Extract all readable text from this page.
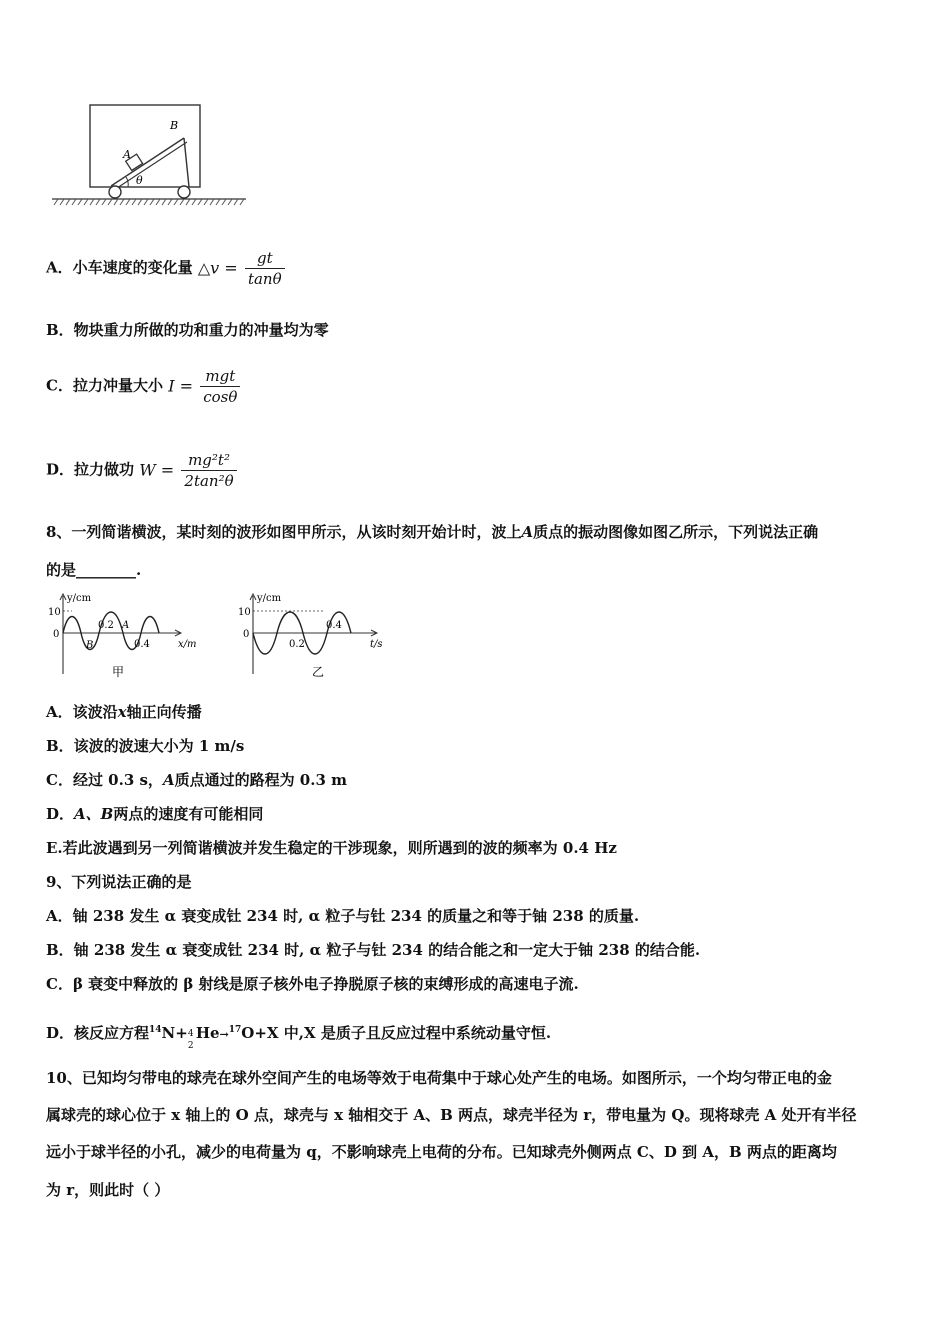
A
B
θ
A．小车速度的变化量 △v = $\frac{gt}{\tan\theta}$
B．物块重力所做的功和重力的冲量均为零
C．拉力冲量大小 $I = \frac{\text{mgt}}{\cos\theta}$
D．拉力做功 $W = \frac{\text{mg²t²}}{\text{2tan²θ}}$
8、一列简谐横波，某时刻的波形如图甲所示，从该时刻开始计时，波上A质点的振动图像如图乙所示，下列说法正确
的是________.
y/cm
10
0
0.2 A
B	0.4	x/m
甲
y/cm
10
0
0.2
0.4
t/s
乙
A．该波沿x轴正向传播
B．该波的波速大小为 1 m/s
C．经过 0.3 s，A质点通过的路程为 0.3 m
D．A、B两点的速度有可能相同
E.若此波遇到另一列简谐横波并发生稳定的干涉现象，则所遇到的波的频率为 0.4 Hz
9、下列说法正确的是
A．铀 238 发生 α 衰变成钍 234 时, α 粒子与钍 234 的质量之和等于铀 238 的质量.
B．铀 238 发生 α 衰变成钍 234 时, α 粒子与钍 234 的结合能之和一定大于铀 238 的结合能.
C．β 衰变中释放的 β 射线是原子核外电子挣脱原子核的束缚形成的高速电子流.
D．核反应方程$^{14}$N+ 4
2
He→$^{17}$O+X 中,X 是质子且反应过程中系统动量守恒.
10、已知均匀带电的球壳在球外空间产生的电场等效于电荷集中于球心处产生的电场。如图所示，一个均匀带正电的金
属球壳的球心位于 x 轴上的 O 点，球壳与 x 轴相交于 A、B 两点，球壳半径为 r，带电量为 Q。现将球壳 A 处开有半径
远小于球半径的小孔，减少的电荷量为 q，不影响球壳上电荷的分布。已知球壳外侧两点 C、D 到 A，B 两点的距离均
为 r，则此时（ ）
